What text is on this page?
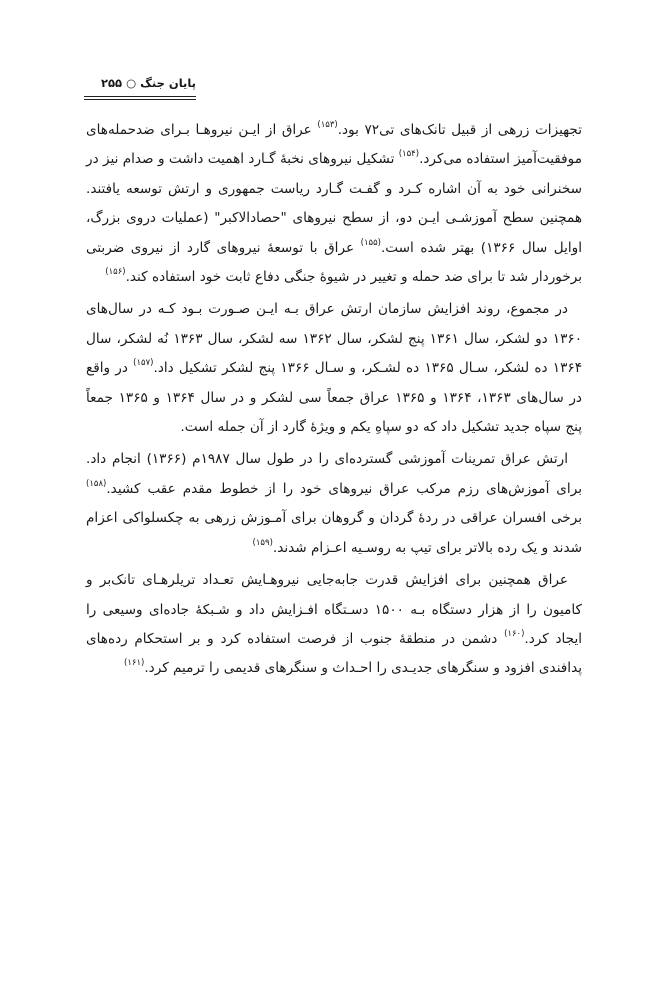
پایان جنگ ○ ۲۵۵

تجهیزات زرهی از قبیل تانک‌های تی۷۲ بود.$^{(۱۵۳)}$ عراق از ایـن نیروهـا بـرای ضدحمله‌های موفقیت‌آمیز استفاده می‌کرد.$^{(۱۵۴)}$ تشکیل نیروهای نخبهٔ گـارد اهمیت داشت و صدام نیز در سخنرانی خود به آن اشاره کـرد و گفـت گـارد ریاست جمهوری و ارتش توسعه یافتند. همچنین سطح آموزشـی ایـن دو، از سطح نیروهای "حصادالاکبر" (عملیات دروی بزرگ، اوایل سال ۱۳۶۶) بهتر شده است.$^{(۱۵۵)}$ عراق با توسعهٔ نیروهای گارد از نیروی ضربتی برخوردار شد تا برای ضد حمله و تغییر در شیوهٔ جنگی دفاع ثابت خود استفاده کند.$^{(۱۵۶)}$

در مجموع، روند افزایش سازمان ارتش عراق بـه ایـن صـورت بـود کـه در سال‌های ۱۳۶۰ دو لشکر، سال ۱۳۶۱ پنج لشکر، سال ۱۳۶۲ سه لشکر، سال ۱۳۶۳ نُه لشکر، سال ۱۳۶۴ ده لشکر، سـال ۱۳۶۵ ده لشـکر، و سـال ۱۳۶۶ پنج لشکر تشکیل داد.$^{(۱۵۷)}$ در واقع در سال‌های ۱۳۶۳، ۱۳۶۴ و ۱۳۶۵ عراق جمعاً سی لشکر و در سال ۱۳۶۴ و ۱۳۶۵ جمعاً پنج سپاه جدید تشکیل داد که دو سپاهِ یکم و ویژهٔ گارد از آن جمله است.

ارتش عراق تمرینات آموزشی گسترده‌ای را در طول سال ۱۹۸۷م (۱۳۶۶) انجام داد. برای آموزش‌های رزم مرکب عراق نیروهای خود را از خطوط مقدم عقب کشید.$^{(۱۵۸)}$ برخی افسران عراقی در ردهٔ گردان و گروهان برای آمـوزش زرهی به چکسلواکی اعزام شدند و یک رده بالاتر برای تیپ به روسـیه اعـزام شدند.$^{(۱۵۹)}$

عراق همچنین برای افزایش قدرت جابه‌جایی نیروهـایش تعـداد تریلرهـای تانک‌بر و کامیون را از هزار دستگاه بـه ۱۵۰۰ دسـتگاه افـزایش داد و شـبکهٔ جاده‌ای وسیعی را ایجاد کرد.$^{(۱۶۰)}$ دشمن در منطقهٔ جنوب از فرصت استفاده کرد و بر استحکام رده‌های پدافندی افزود و سنگرهای جدیـدی را احـداث و سنگرهای قدیمی را ترمیم کرد.$^{(۱۶۱)}$
